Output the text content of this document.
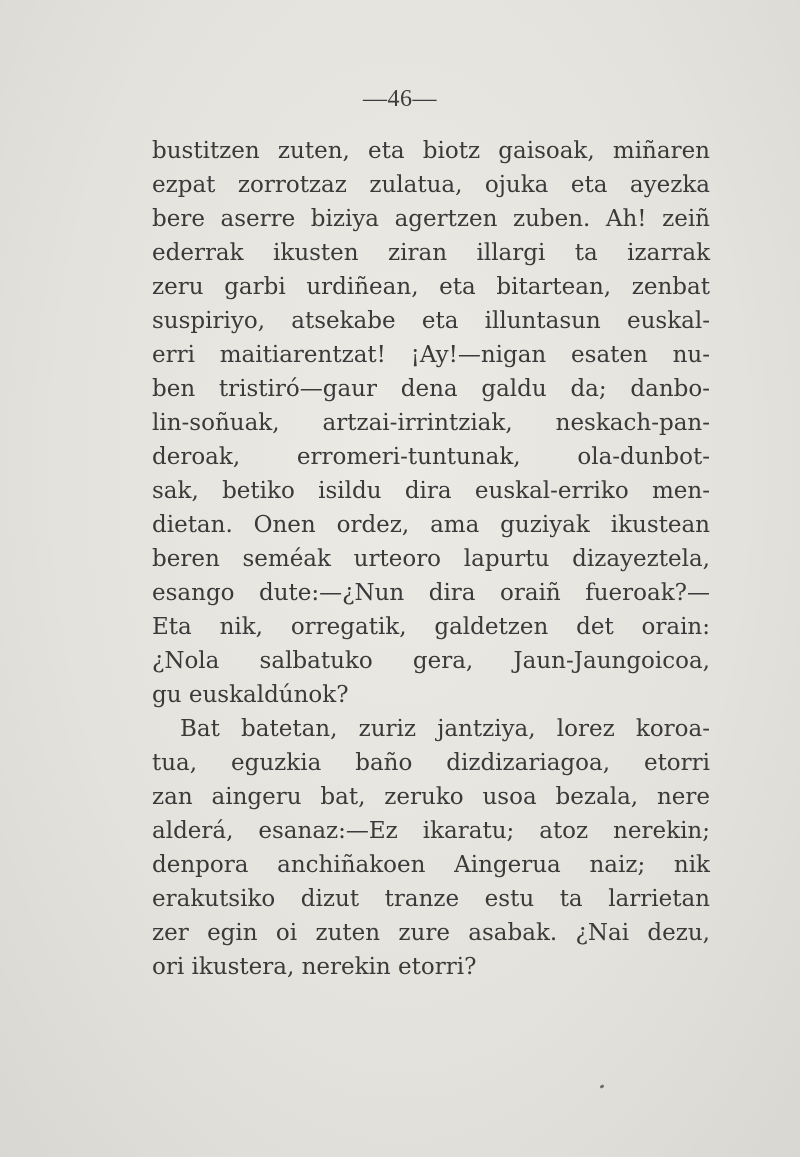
—46—
bustitzen zuten, eta biotz gaisoak, miñaren
ezpat zorrotzaz zulatua, ojuka eta ayezka
bere aserre biziya agertzen zuben. Ah! zeiñ
ederrak ikusten ziran illargi ta izarrak
zeru garbi urdiñean, eta bitartean, zenbat
suspiriyo, atsekabe eta illuntasun euskal-
erri maitiarentzat! ¡Ay!—nigan esaten nu-
ben tristiró—gaur dena galdu da; danbo-
lin-soñuak, artzai-irrintziak, neskach-pan-
deroak, erromeri-tuntunak, ola-dunbot-
sak, betiko isildu dira euskal-erriko men-
dietan. Onen ordez, ama guziyak ikustean
beren seméak urteoro lapurtu dizayeztela,
esango dute:—¿Nun dira oraiñ fueroak?—
Eta nik, orregatik, galdetzen det orain:
¿Nola salbatuko gera, Jaun-Jaungoicoa,
gu euskaldúnok?
Bat batetan, zuriz jantziya, lorez koroa-
tua, eguzkia baño dizdizariagoa, etorri
zan aingeru bat, zeruko usoa bezala, nere
alderá, esanaz:—Ez ikaratu; atoz nerekin;
denpora anchiñakoen Aingerua naiz; nik
erakutsiko dizut tranze estu ta larrietan
zer egin oi zuten zure asabak. ¿Nai dezu,
ori ikustera, nerekin etorri?
